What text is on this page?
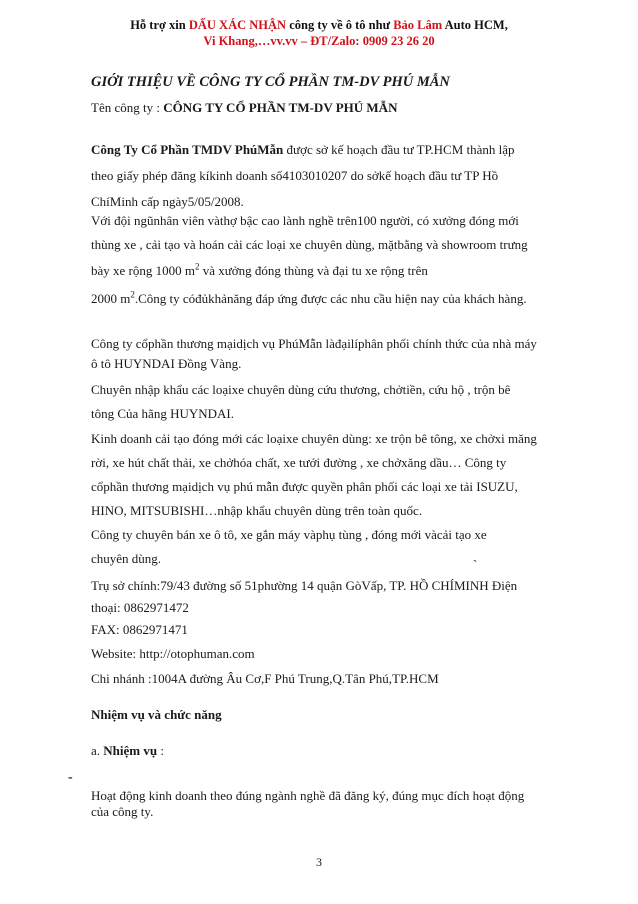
Hỗ trợ xin DẤU XÁC NHẬN công ty về ô tô như Bảo Lâm Auto HCM,
Vi Khang,…vv.vv – ĐT/Zalo: 0909 23 26 20
GIỚI THIỆU VỀ CÔNG TY CỔ PHẦN TM-DV PHÚ MẪN
Tên công ty : CÔNG TY CỔ PHẦN TM-DV PHÚ MẪN
Công Ty Cổ Phần TMDV PhúMẫn được sở kế hoạch đầu tư TP.HCM thành lập
theo giấy phép đăng kíkinh doanh số4103010207 do sởkế hoạch đầu tư TP Hồ
ChíMinh cấp ngày5/05/2008.
Với đội ngũnhân viên vàthợ bậc cao lành nghề trên100 người, có xưởng đóng mới
thùng xe , cải tạo và hoán cải các loại xe chuyên dùng, mặtbằng và showroom trưng
bày xe rộng 1000 $m^2$ và xưởng đóng thùng và đại tu xe rộng trên
2000 $m^2.Công$ ty cóđủkhảnăng đáp ứng được các nhu cầu hiện nay của khách hàng.
Công ty cổphần thương mạidịch vụ PhúMẫn làđạilíphân phối chính thức của nhà máy
ô tô HUYNDAI Đồng Vàng.
Chuyên nhập khẩu các loạixe chuyên dùng cứu thương, chởtiền, cứu hộ , trộn bê
tông Của hãng HUYNDAI.
Kinh doanh cải tạo đóng mới các loạixe chuyên dùng: xe trộn bê tông, xe chởxi măng
rời, xe hút chất thải, xe chởhóa chất, xe tưới đường , xe chởxăng dầu… Công ty
cổphần thương mạidịch vụ phú mẫn được quyền phân phối các loại xe tải ISUZU,
HINO, MITSUBISHI…nhập khẩu chuyên dùng trên toàn quốc.
Công ty chuyên bán xe ô tô, xe gắn máy vàphụ tùng , đóng mới vàcải tạo xe
chuyên dùng.	`
Trụ sở chính:79/43 đường số 51phường 14 quận GòVấp, TP. HỒ CHÍMINH Điện
thoại: 0862971472
FAX: 0862971471
Website: http://otophuman.com
Chi nhánh :1004A đường Âu Cơ,F Phú Trung,Q.Tân Phú,TP.HCM
Nhiệm vụ và chức năng
a. Nhiệm vụ :
-
Hoạt động kinh doanh theo đúng ngành nghề đã đăng ký, đúng mục đích hoạt động
của công ty.
3
